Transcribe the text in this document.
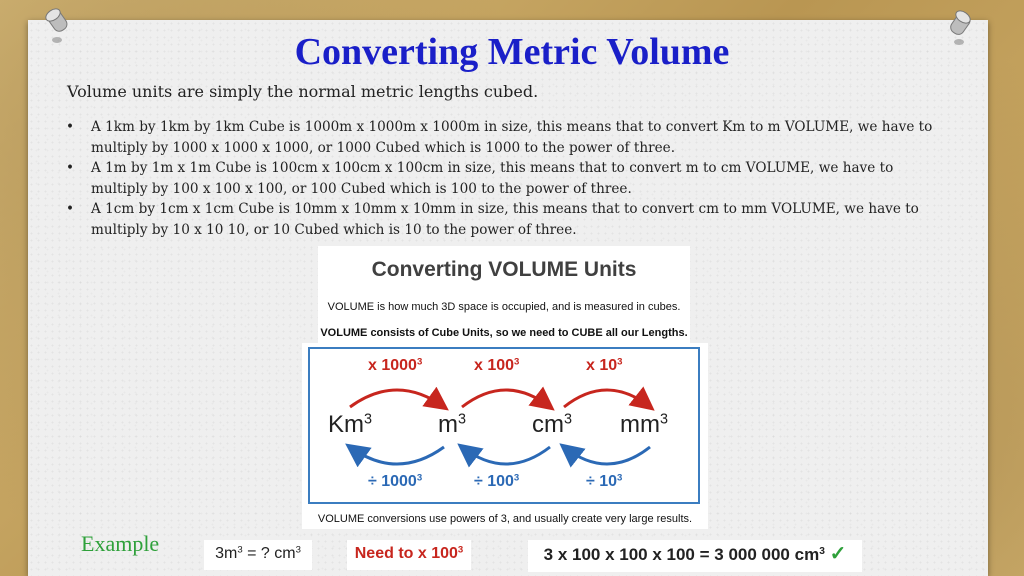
Converting Metric Volume
Volume units are simply the normal metric lengths cubed.
• A 1km by 1km by 1km Cube is 1000m x 1000m x 1000m in size, this means that to convert Km to m VOLUME, we have to multiply by 1000 x 1000 x 1000, or 1000 Cubed which is 1000 to the power of three.
• A 1m by 1m x 1m Cube is 100cm x 100cm x 100cm in size, this means that to convert m to cm VOLUME, we have to multiply by 100 x 100 x 100, or 100 Cubed which is 100 to the power of three.
• A 1cm by 1cm x 1cm Cube is 10mm x 10mm x 10mm in size, this means that to convert cm to mm VOLUME, we have to multiply by 10 x 10 10, or 10 Cubed which is 10 to the power of three.
Converting VOLUME Units
VOLUME is how much 3D space is occupied, and is measured in cubes.
VOLUME consists of Cube Units, so we need to CUBE all our Lengths.
x 1000$^3$	x $100^3$	x $10^3$
Km$^3$	$m^3$	$cm^3$ $mm^3$
÷ $1000^3$	÷ $100^3$	÷ $10^3$
VOLUME conversions use powers of 3, and usually create very large results.
Example	$3m^3$ = ? $cm^3$	Need to x $100^3$	3 x 100 x 100 x 100 = 3 000 000 $cm^3$ ✓
